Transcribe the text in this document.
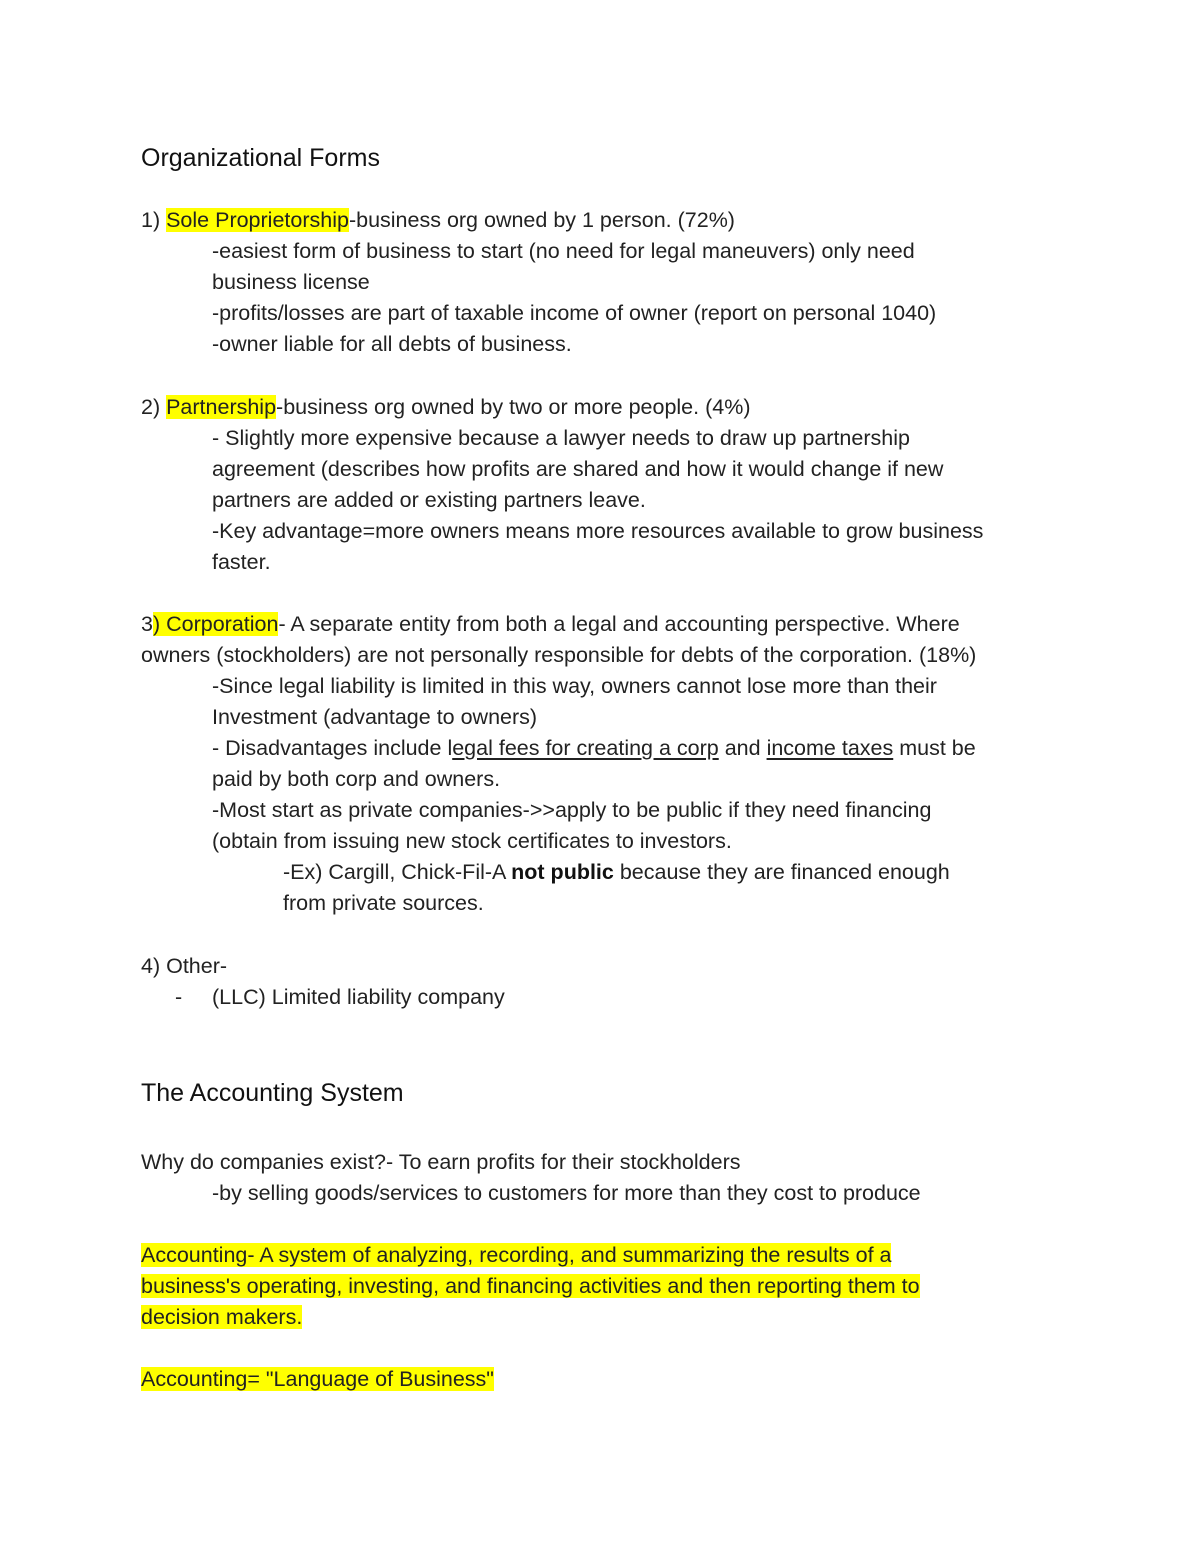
Organizational Forms

1) Sole Proprietorship-business org owned by 1 person. (72%)

-easiest form of business to start (no need for legal maneuvers) only need

business license

-profits/losses are part of taxable income of owner (report on personal 1040)

-owner liable for all debts of business.

2) Partnership-business org owned by two or more people. (4%)

- Slightly more expensive because a lawyer needs to draw up partnership

agreement (describes how profits are shared and how it would change if new

partners are added or existing partners leave.

-Key advantage=more owners means more resources available to grow business

faster.

3) Corporation- A separate entity from both a legal and accounting perspective. Where

owners (stockholders) are not personally responsible for debts of the corporation. (18%)

-Since legal liability is limited in this way, owners cannot lose more than their

Investment (advantage to owners)

- Disadvantages include legal fees for creating a corp and income taxes must be

paid by both corp and owners.

-Most start as private companies->>apply to be public if they need financing

(obtain from issuing new stock certificates to investors.

-Ex) Cargill, Chick-Fil-A not public because they are financed enough

from private sources.

4) Other-

- (LLC) Limited liability company

The Accounting System

Why do companies exist?- To earn profits for their stockholders

-by selling goods/services to customers for more than they cost to produce

Accounting- A system of analyzing, recording, and summarizing the results of a

business's operating, investing, and financing activities and then reporting them to

decision makers.

Accounting= "Language of Business"
